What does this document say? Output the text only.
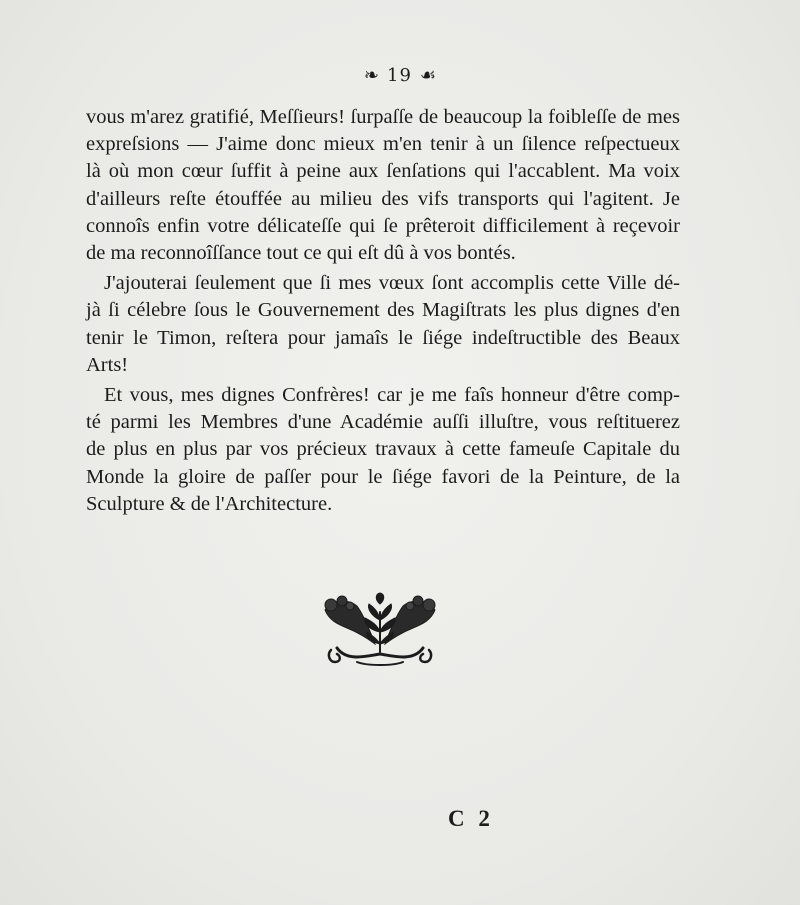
❧ 19 ☙

vous m'arez gratifié, Meſſieurs! ſurpaſſe de beaucoup la foibleſſe de mes
expreſsions — J'aime donc mieux m'en tenir à un ſilence reſpectueux
là où mon cœur ſuffit à peine aux ſenſations qui l'accablent. Ma voix
d'ailleurs reſte étouffée au milieu des vifs transports qui l'agitent. Je
connoîs enfin votre délicateſſe qui ſe prêteroit difficilement à reçevoir
de ma reconnoîſſance tout ce qui eſt dû à vos bontés.

J'ajouterai ſeulement que ſi mes vœux ſont accomplis cette Ville dé-
jà ſi célebre ſous le Gouvernement des Magiſtrats les plus dignes d'en
tenir le Timon, reſtera pour jamaîs le ſiége indeſtructible des Beaux
Arts!

Et vous, mes dignes Confrères! car je me faîs honneur d'être comp-
té parmi les Membres d'une Académie auſſi illuſtre, vous reſtituerez
de plus en plus par vos précieux travaux à cette fameuſe Capitale du
Monde la gloire de paſſer pour le ſiége favori de la Peinture, de la
Sculpture & de l'Architecture.

C 2
